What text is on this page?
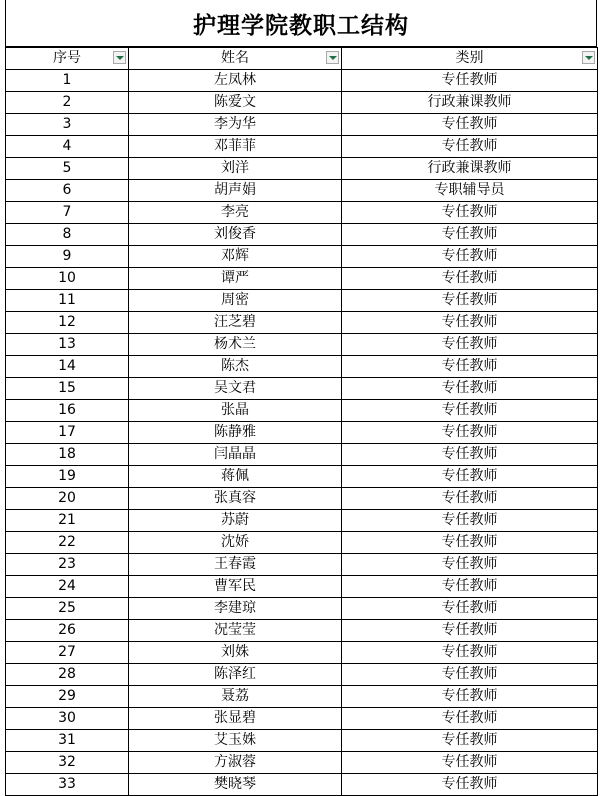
护理学院教职工结构
序号	姓名	类别

1	左凤林	专任教师
2	陈爱文	行政兼课教师
3	李为华	专任教师
4	邓菲菲	专任教师
5	刘洋	行政兼课教师
6	胡声娟	专职辅导员
7	李亮	专任教师
8	刘俊香	专任教师
9	邓辉	专任教师
10	谭严	专任教师
11	周密	专任教师
12	汪芝碧	专任教师
13	杨术兰	专任教师
14	陈杰	专任教师
15	吴文君	专任教师
16	张晶	专任教师
17	陈静雅	专任教师
18	闫晶晶	专任教师
19	蒋佩	专任教师
20	张真容	专任教师
21	苏蔚	专任教师
22	沈娇	专任教师
23	王春霞	专任教师
24	曹军民	专任教师
25	李建琼	专任教师
26	况莹莹	专任教师
27	刘姝	专任教师
28	陈泽红	专任教师
29	聂荔	专任教师
30	张显碧	专任教师
31	艾玉姝	专任教师
32	方淑蓉	专任教师
33	樊晓琴	专任教师
